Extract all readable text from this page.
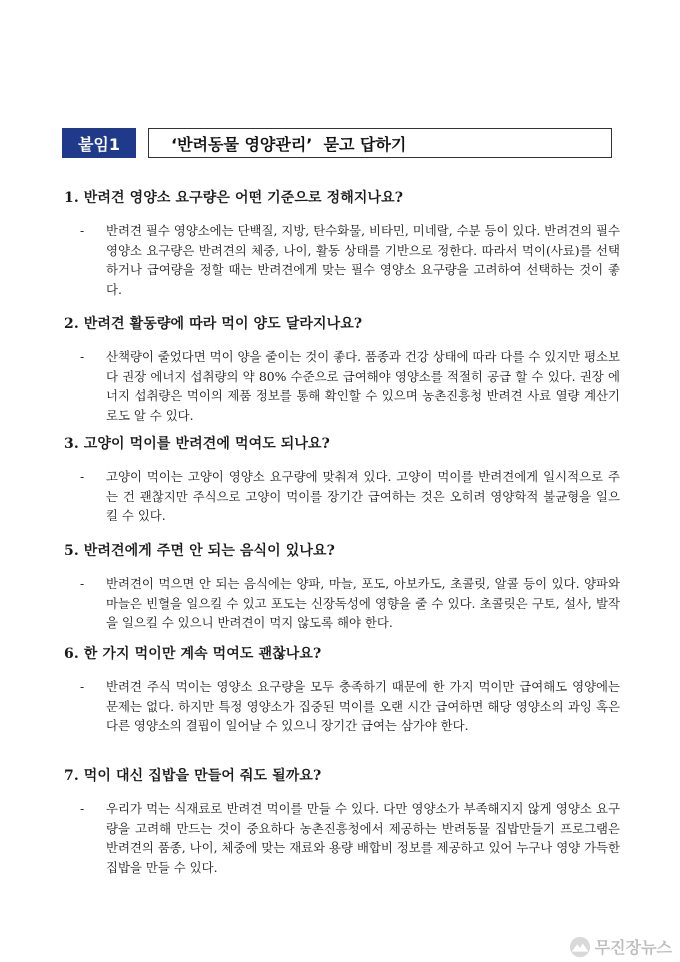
붙임1	‘반려동물 영양관리’  묻고 답하기
1. 반려견 영양소 요구량은 어떤 기준으로 정해지나요?
-	반려견 필수 영양소에는 단백질, 지방, 탄수화물, 비타민, 미네랄, 수분 등이 있다. 반려견의 필수 영양소 요구량은 반려견의 체중, 나이, 활동 상태를 기반으로 정한다. 따라서 먹이(사료)를 선택하거나 급여량을 정할 때는 반려견에게 맞는 필수 영양소 요구량을 고려하여 선택하는 것이 좋다.
2. 반려견 활동량에 따라 먹이 양도 달라지나요?
-	산책량이 줄었다면 먹이 양을 줄이는 것이 좋다. 품종과 건강 상태에 따라 다를 수 있지만 평소보다 권장 에너지 섭취량의 약 80% 수준으로 급여해야 영양소를 적절히 공급 할 수 있다. 권장 에너지 섭취량은 먹이의 제품 정보를 통해 확인할 수 있으며 농촌진흥청 반려견 사료 열량 계산기로도 알 수 있다.
3. 고양이 먹이를 반려견에 먹여도 되나요?
-	고양이 먹이는 고양이 영양소 요구량에 맞춰져 있다. 고양이 먹이를 반려견에게 일시적으로 주는 건 괜찮지만 주식으로 고양이 먹이를 장기간 급여하는 것은 오히려 영양학적 불균형을 일으킬 수 있다.
5. 반려견에게 주면 안 되는 음식이 있나요?
-	반려견이 먹으면 안 되는 음식에는 양파, 마늘, 포도, 아보카도, 초콜릿, 알콜 등이 있다. 양파와 마늘은 빈혈을 일으킬 수 있고 포도는 신장독성에 영향을 줄 수 있다. 초콜릿은 구토, 설사, 발작을 일으킬 수 있으니 반려견이 먹지 않도록 해야 한다.
6. 한 가지 먹이만 계속 먹여도 괜찮나요?
-	반려견 주식 먹이는 영양소 요구량을 모두 충족하기 때문에 한 가지 먹이만 급여해도 영양에는 문제는 없다. 하지만 특정 영양소가 집중된 먹이를 오랜 시간 급여하면 해당 영양소의 과잉 혹은 다른 영양소의 결핍이 일어날 수 있으니 장기간 급여는 삼가야 한다.
7. 먹이 대신 집밥을 만들어 줘도 될까요?
-	우리가 먹는 식재료로 반려견 먹이를 만들 수 있다. 다만 영양소가 부족해지지 않게 영양소 요구량을 고려해 만드는 것이 중요하다 농촌진흥청에서 제공하는 반려동물 집밥만들기 프로그램은 반려견의 품종, 나이, 체중에 맞는 재료와 용량 배합비 정보를 제공하고 있어 누구나 영양 가득한 집밥을 만들 수 있다.
무진장뉴스
